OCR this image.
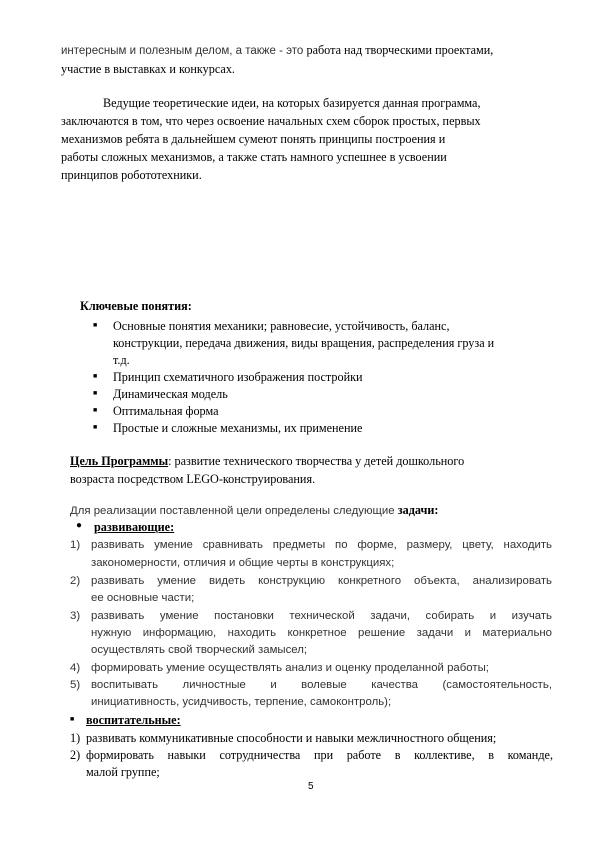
интересным и полезным делом, а также - это работа над творческими проектами,
участие в выставках и конкурсах.
Ведущие теоретические идеи, на которых базируется данная программа,
заключаются в том, что через освоение начальных схем сборок простых, первых
механизмов ребята в дальнейшем сумеют понять принципы построения и
работы сложных механизмов, а также стать намного успешнее в усвоении
принципов робототехники.
Ключевые понятия:
■ Основные понятия механики; равновесие, устойчивость, баланс,
конструкции, передача движения, виды вращения, распределения груза и
т.д.
■ Принцип схематичного изображения постройки
■ Динамическая модель
■ Оптимальная форма
■ Простые и сложные механизмы, их применение
Цель Программы: развитие технического творчества у детей дошкольного
возраста посредством LEGO-конструирования.
Для реализации поставленной цели определены следующие задачи:
● развивающие:
1) развивать умение сравнивать предметы по форме, размеру, цвету, находить
закономерности, отличия и общие черты в конструкциях;
2) развивать умение видеть конструкцию конкретного объекта, анализировать
ее основные части;
3) развивать умение постановки технической задачи, собирать и изучать
нужную информацию, находить конкретное решение задачи и материально
осуществлять свой творческий замысел;
4) формировать умение осуществлять анализ и оценку проделанной работы;
5) воспитывать личностные и волевые качества (самостоятельность,
инициативность, усидчивость, терпение, самоконтроль);
■ воспитательные:
1) развивать коммуникативные способности и навыки межличностного общения;
2) формировать навыки сотрудничества при работе в коллективе, в команде,
малой группе;
5
